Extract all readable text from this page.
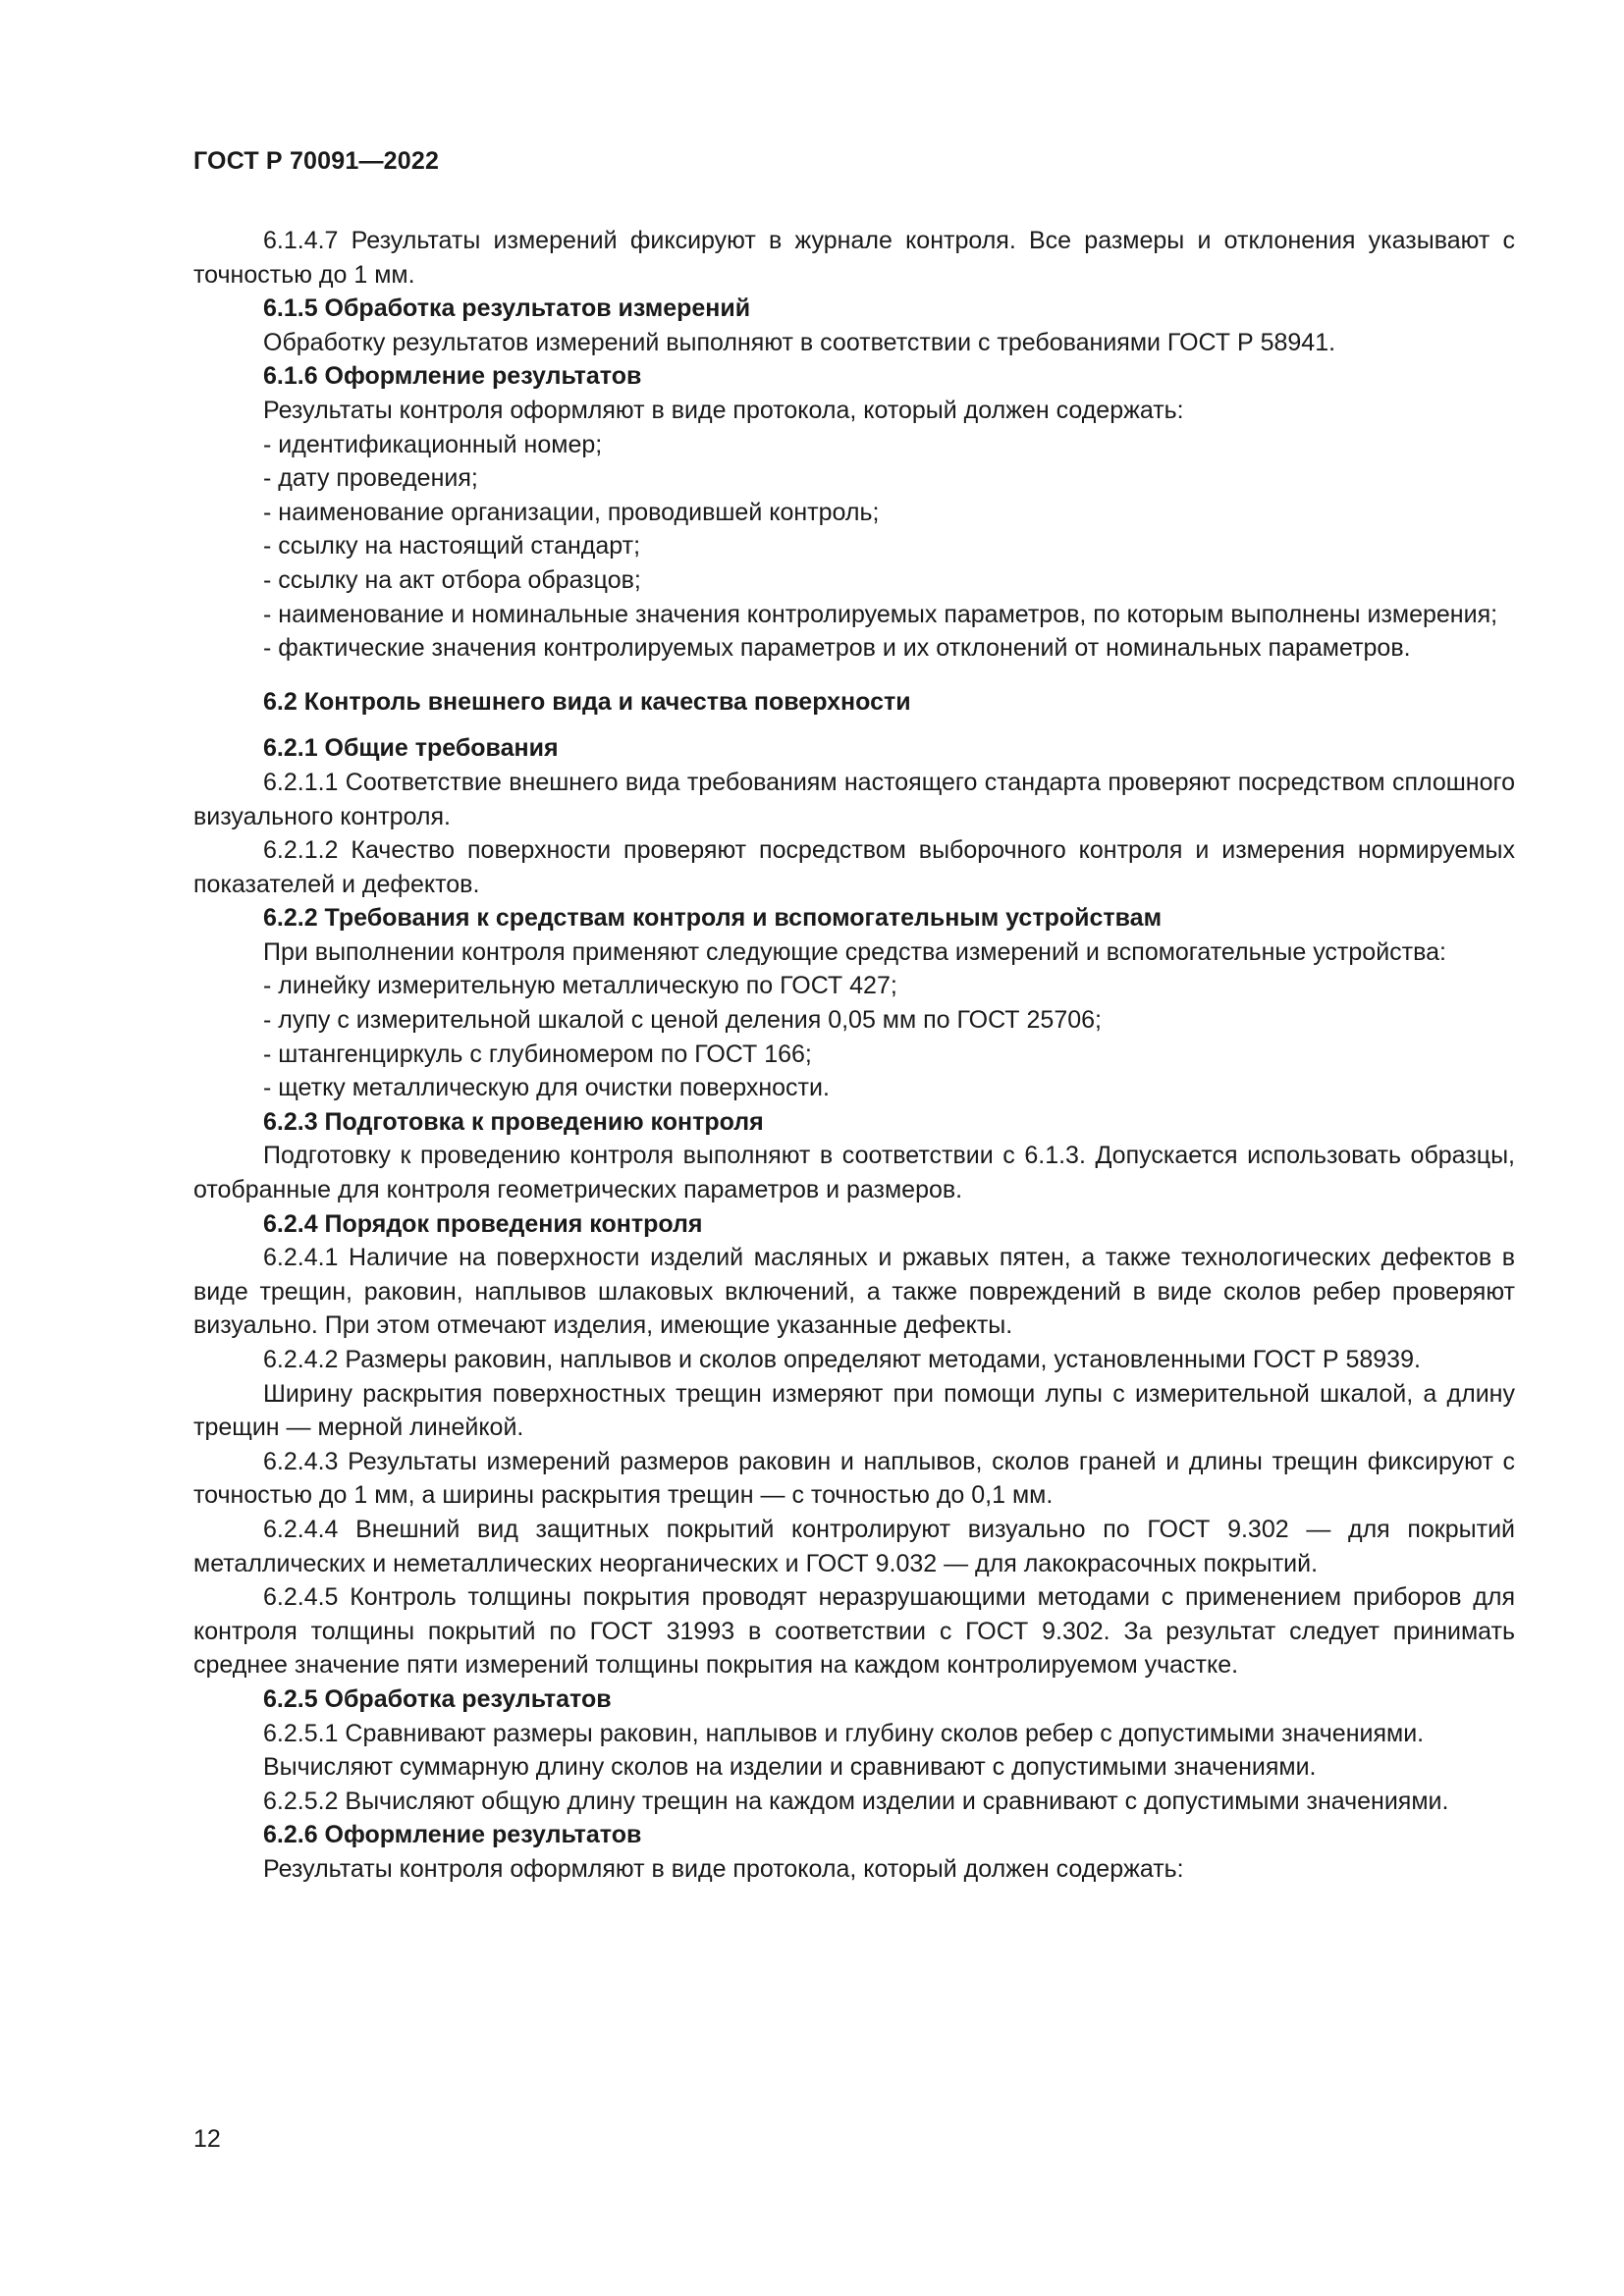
ГОСТ Р 70091—2022
6.1.4.7 Результаты измерений фиксируют в журнале контроля. Все размеры и отклонения указывают с точностью до 1 мм.
6.1.5 Обработка результатов измерений
Обработку результатов измерений выполняют в соответствии с требованиями ГОСТ Р 58941.
6.1.6 Оформление результатов
Результаты контроля оформляют в виде протокола, который должен содержать:
- идентификационный номер;
- дату проведения;
- наименование организации, проводившей контроль;
- ссылку на настоящий стандарт;
- ссылку на акт отбора образцов;
- наименование и номинальные значения контролируемых параметров, по которым выполнены измерения;
- фактические значения контролируемых параметров и их отклонений от номинальных параметров.
6.2 Контроль внешнего вида и качества поверхности
6.2.1 Общие требования
6.2.1.1 Соответствие внешнего вида требованиям настоящего стандарта проверяют посредством сплошного визуального контроля.
6.2.1.2 Качество поверхности проверяют посредством выборочного контроля и измерения нормируемых показателей и дефектов.
6.2.2 Требования к средствам контроля и вспомогательным устройствам
При выполнении контроля применяют следующие средства измерений и вспомогательные устройства:
- линейку измерительную металлическую по ГОСТ 427;
- лупу с измерительной шкалой с ценой деления 0,05 мм по ГОСТ 25706;
- штангенциркуль с глубиномером по ГОСТ 166;
- щетку металлическую для очистки поверхности.
6.2.3 Подготовка к проведению контроля
Подготовку к проведению контроля выполняют в соответствии с 6.1.3. Допускается использовать образцы, отобранные для контроля геометрических параметров и размеров.
6.2.4 Порядок проведения контроля
6.2.4.1 Наличие на поверхности изделий масляных и ржавых пятен, а также технологических дефектов в виде трещин, раковин, наплывов шлаковых включений, а также повреждений в виде сколов ребер проверяют визуально. При этом отмечают изделия, имеющие указанные дефекты.
6.2.4.2 Размеры раковин, наплывов и сколов определяют методами, установленными ГОСТ Р 58939.
Ширину раскрытия поверхностных трещин измеряют при помощи лупы с измерительной шкалой, а длину трещин — мерной линейкой.
6.2.4.3 Результаты измерений размеров раковин и наплывов, сколов граней и длины трещин фиксируют с точностью до 1 мм, а ширины раскрытия трещин — с точностью до 0,1 мм.
6.2.4.4 Внешний вид защитных покрытий контролируют визуально по ГОСТ 9.302 — для покрытий металлических и неметаллических неорганических и ГОСТ 9.032 — для лакокрасочных покрытий.
6.2.4.5 Контроль толщины покрытия проводят неразрушающими методами с применением приборов для контроля толщины покрытий по ГОСТ 31993 в соответствии с ГОСТ 9.302. За результат следует принимать среднее значение пяти измерений толщины покрытия на каждом контролируемом участке.
6.2.5 Обработка результатов
6.2.5.1 Сравнивают размеры раковин, наплывов и глубину сколов ребер с допустимыми значениями.
Вычисляют суммарную длину сколов на изделии и сравнивают с допустимыми значениями.
6.2.5.2 Вычисляют общую длину трещин на каждом изделии и сравнивают с допустимыми значениями.
6.2.6 Оформление результатов
Результаты контроля оформляют в виде протокола, который должен содержать:
12
